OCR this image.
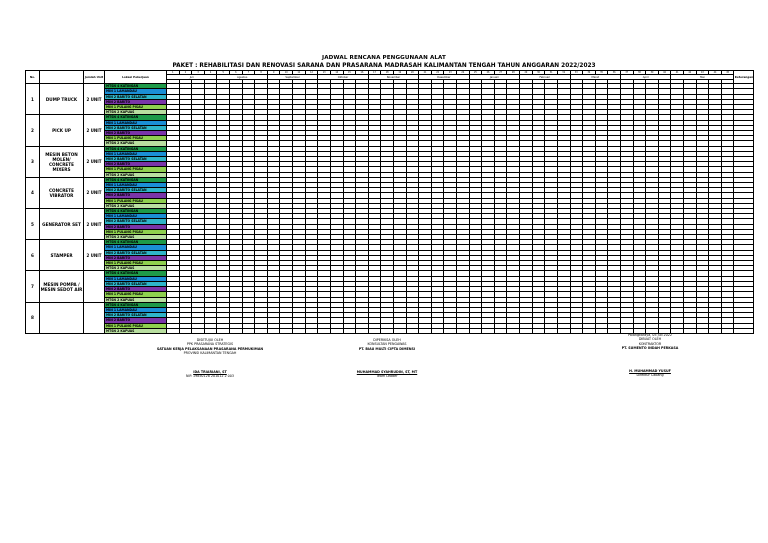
JADWAL RENCANA PENGGUNAAN ALAT
PAKET : REHABILITASI DAN RENOVASI SARANA DAN PRASARANA MADRASAH KALIMANTAN TENGAH TAHUN ANGGARAN 2022/2023
No.		Jumlah Unit	Lokasi Pekerjaan	1	2	3	4	5	6	7	8	9	10	11	12	13	14	15	16	17	18	19	20	21	22	23	24	25	26	27	28	29	30	31	32	33	34	35	36	37	38	39	40	41	42	43	44	45	Keterangan
				Juli				Agustus				September				Oktober				November				Desember				Januari				Februari				Maret				April				Mei					

1	DUMP TRUCK	2 UNIT	MTSN 4 KATINGAN																																														
			MIN 1 LAMANDAU																																														
			MIN 2 BARITO SELATAN																																														
			MIN 2 BARITO																																														
			MIN 1 PULANG PISAU																																														
			MTSN 2 KAPUAS																																														
2	PICK UP	2 UNIT	MTSN 4 KATINGAN																																														
			MIN 1 LAMANDAU																																														
			MIN 2 BARITO SELATAN																																														
			MIN 2 BARITO																																														
			MIN 1 PULANG PISAU																																														
			MTSN 2 KAPUAS																																														
3	MESIN BETON MOLEN/ CONCRETE MIXERS	2 UNIT	MTSN 4 KATINGAN																																														
			MIN 1 LAMANDAU																																														
			MIN 2 BARITO SELATAN																																														
			MIN 2 BARITO																																														
			MIN 1 PULANG PISAU																																														
			MTSN 2 KAPUAS																																														
4	CONCRETE VIBRATOR	2 UNIT	MTSN 4 KATINGAN																																														
			MIN 1 LAMANDAU																																														
			MIN 2 BARITO SELATAN																																														
			MIN 2 BARITO																																														
			MIN 1 PULANG PISAU																																														
			MTSN 2 KAPUAS																																														
5	GENERATOR SET	2 UNIT	MTSN 4 KATINGAN																																														
			MIN 1 LAMANDAU																																														
			MIN 2 BARITO SELATAN																																														
			MIN 2 BARITO																																														
			MIN 1 PULANG PISAU																																														
			MTSN 2 KAPUAS																																														
6	STAMPER	2 UNIT	MTSN 4 KATINGAN																																														
			MIN 1 LAMANDAU																																														
			MIN 2 BARITO SELATAN																																														
			MIN 2 BARITO																																														
			MIN 1 PULANG PISAU																																														
			MTSN 2 KAPUAS																																														
7	MESIN POMPA / MESIN SEDOT AIR		MTSN 4 KATINGAN																																														
			MIN 1 LAMANDAU																																														
			MIN 2 BARITO SELATAN																																														
			MIN 2 BARITO																																														
			MIN 1 PULANG PISAU																																														
			MTSN 2 KAPUAS																																														
8			MTSN 4 KATINGAN																																														
			MIN 1 LAMANDAU																																														
			MIN 2 BARITO SELATAN																																														
			MIN 2 BARITO																																														
			MIN 1 PULANG PISAU																																														
			MTSN 2 KAPUAS																																														
DISETUJUI OLEH
PPK PRASARANA STRATEGIS
SATUAN KERJA PELAKSANAAN PRASARANA PERMUKIMAN
PROVINSI KALIMANTAN TENGAH
IDA TRIARIANI, ST
NIP. 19850128 201012 2 003
DIPERIKSA OLEH
KONSULTAN PENGAWAS
PT. BIAU MULTI CIPTA DIMENSI
MUHAMMAD SYAHRUDIN, ST, MT
Team Leader
Palangkaraya, 05 Juli 2022
DIBUAT OLEH
KONTRAKTOR
PT. SUMENTO INDAH PERKASA
H. MUHAMMAD YUSUF
Direktur Cabang
